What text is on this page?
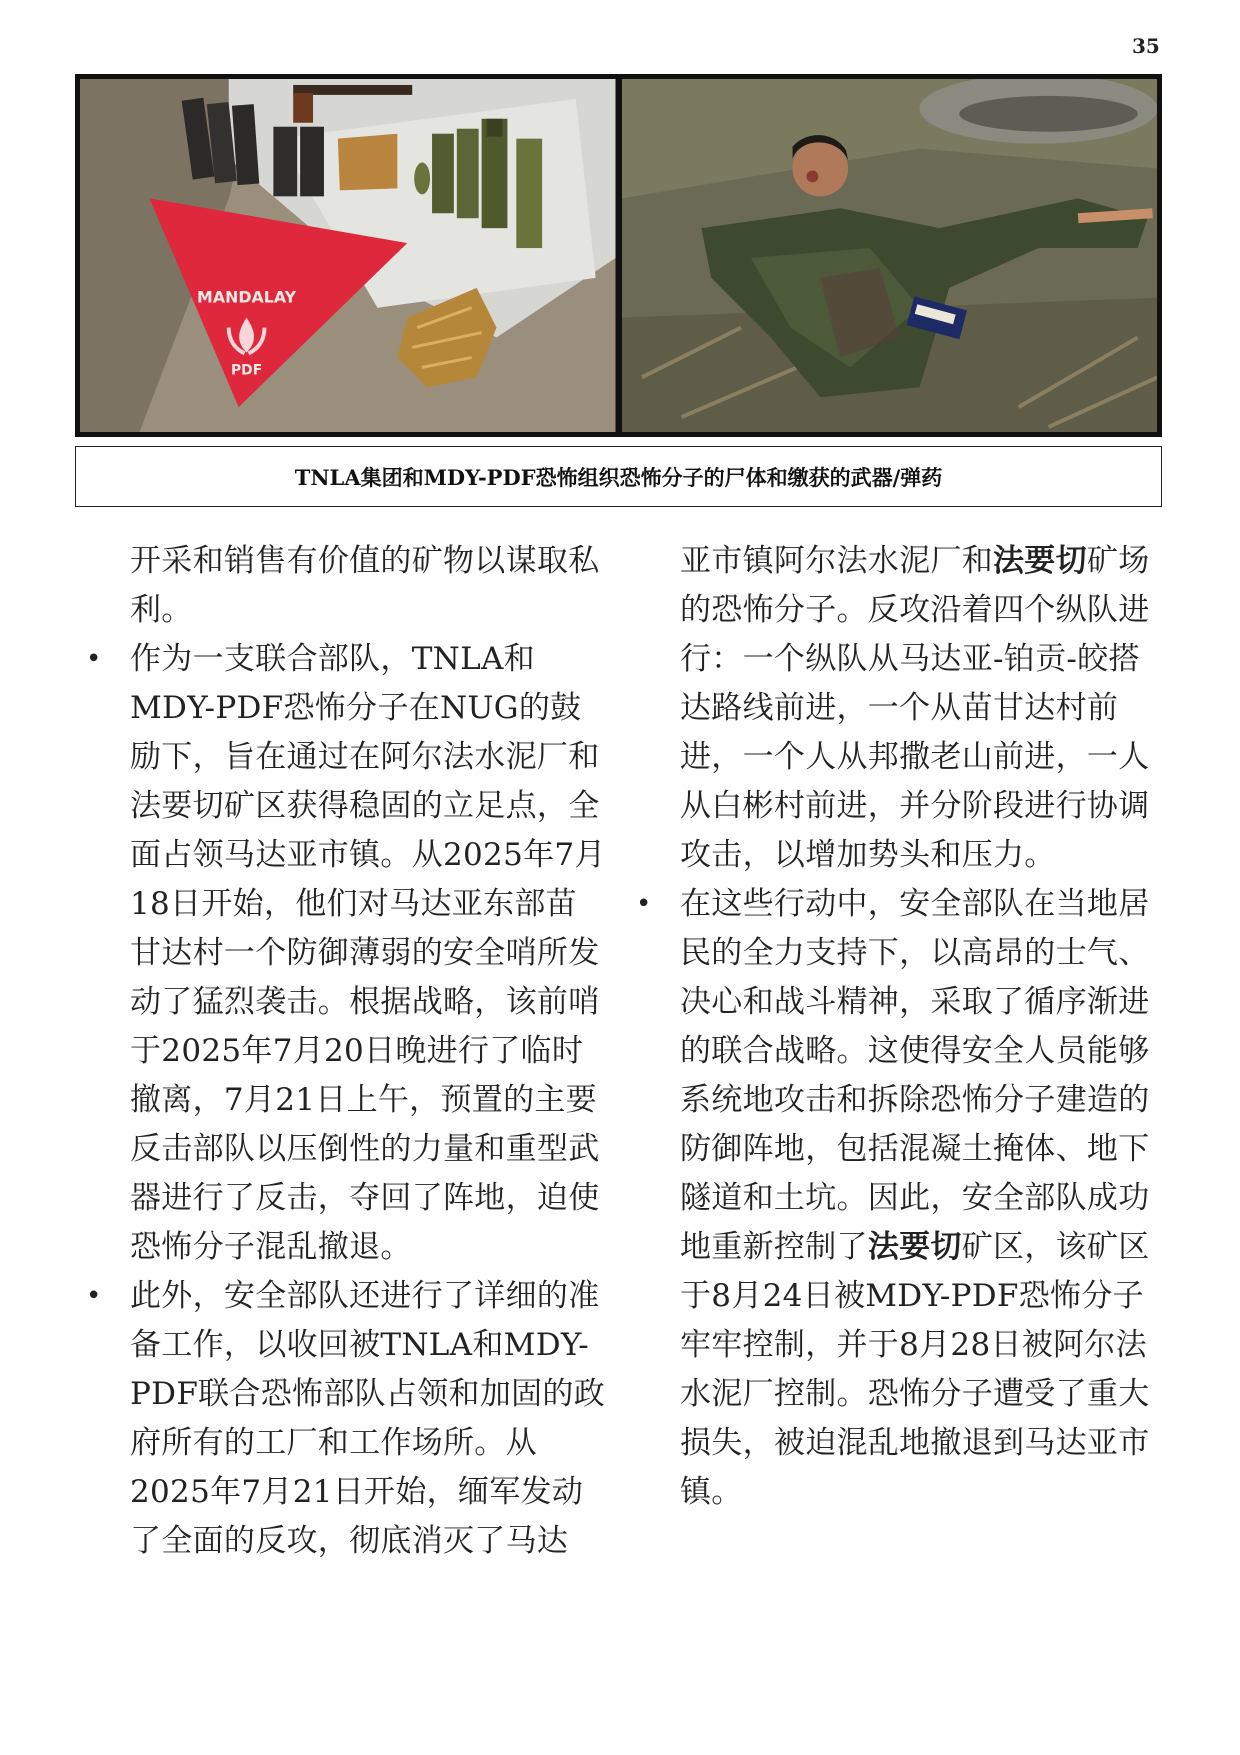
35
MANDALAY
PDF
TNLA集团和MDY-PDF恐怖组织恐怖分子的尸体和缴获的武器/弹药

开采和销售有价值的矿物以谋取私利。

• 作为一支联合部队，TNLA和MDY-PDF恐怖分子在NUG的鼓励下，旨在通过在阿尔法水泥厂和法要切矿区获得稳固的立足点，全面占领马达亚市镇。从2025年7月18日开始，他们对马达亚东部苗甘达村一个防御薄弱的安全哨所发动了猛烈袭击。根据战略，该前哨于2025年7月20日晚进行了临时撤离，7月21日上午，预置的主要反击部队以压倒性的力量和重型武器进行了反击，夺回了阵地，迫使恐怖分子混乱撤退。

• 此外，安全部队还进行了详细的准备工作，以收回被TNLA和MDY-PDF联合恐怖部队占领和加固的政府所有的工厂和工作场所。从2025年7月21日开始，缅军发动了全面的反攻，彻底消灭了马达

亚市镇阿尔法水泥厂和法要切矿场的恐怖分子。反攻沿着四个纵队进行：一个纵队从马达亚-铂贡-皎搭达路线前进，一个从苗甘达村前进，一个人从邦撒老山前进，一人从白彬村前进，并分阶段进行协调攻击，以增加势头和压力。

• 在这些行动中，安全部队在当地居民的全力支持下，以高昂的士气、决心和战斗精神，采取了循序渐进的联合战略。这使得安全人员能够系统地攻击和拆除恐怖分子建造的防御阵地，包括混凝土掩体、地下隧道和土坑。因此，安全部队成功地重新控制了法要切矿区，该矿区于8月24日被MDY-PDF恐怖分子牢牢控制，并于8月28日被阿尔法水泥厂控制。恐怖分子遭受了重大损失，被迫混乱地撤退到马达亚市镇。
